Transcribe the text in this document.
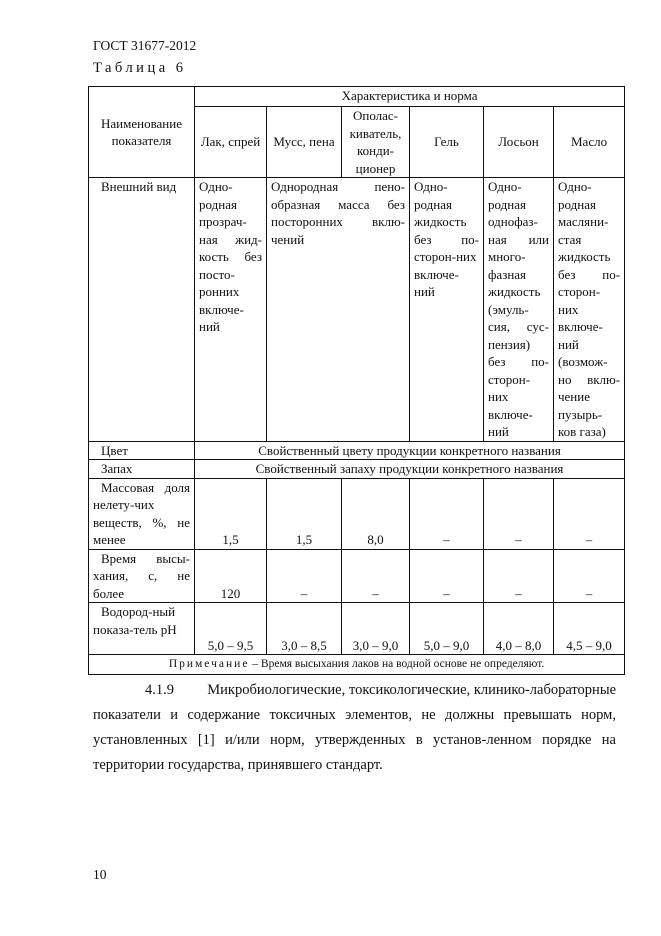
ГОСТ 31677-2012
Таблица 6
Наименование показателя	Характеристика и норма					
	Лак, спрей	Мусс, пена	Ополас-киватель, конди-ционер	Гель	Лосьон	Масло
Внешний вид	Одно-родная прозрач-ная жид-кость без посто-ронних включе-ний	Однородная пено-образная масса без посторонних вклю-чений		Одно-родная жидкость без по-сторон-них включе-ний	Одно-родная однофаз-ная или много-фазная жидкость (эмуль-сия, сус-пензия) без по-сторон-них включе-ний	Одно-родная масляни-стая жидкость без по-сторон-них включе-ний (возмож-но вклю-чение пузырь-ков газа)
Цвет	Свойственный цвету продукции конкретного названия					
Запах	Свойственный запаху продукции конкретного названия					
Массовая доля нелету-чих веществ, %, не менее	1,5	1,5	8,0	–	–	–
Время высы-хания, с, не более	120	–	–	–	–	–
Водород-ный показа-тель рН	5,0 – 9,5	3,0 – 8,5	3,0 – 9,0	5,0 – 9,0	4,0 – 8,0	4,5 – 9,0
Примечание – Время высыхания лаков на водной основе не определяют.						

4.1.9 Микробиологические, токсикологические, клинико-лабораторные показатели и содержание токсичных элементов, не должны превышать норм, установленных [1] и/или норм, утвержденных в установ-ленном порядке на территории государства, принявшего стандарт.

10
